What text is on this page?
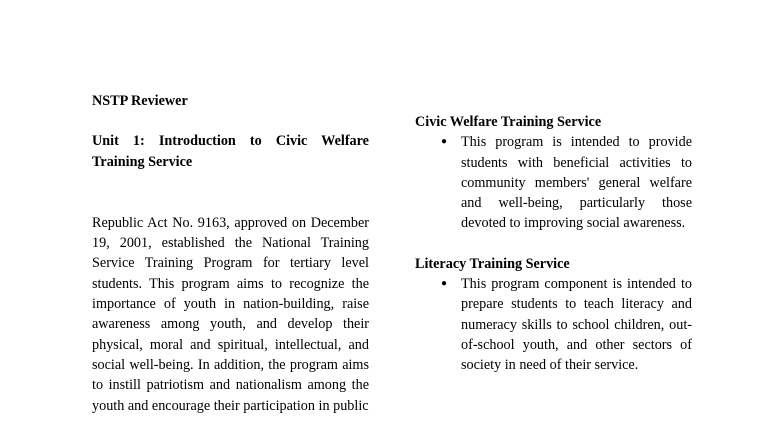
NSTP Reviewer

Unit 1: Introduction to Civic Welfare Training Service

Republic Act No. 9163, approved on December 19, 2001, established the National Training Service Training Program for tertiary level students. This program aims to recognize the importance of youth in nation-building, raise awareness among youth, and develop their physical, moral and spiritual, intellectual, and social well-being. In addition, the program aims to instill patriotism and nationalism among the youth and encourage their participation in public

Civic Welfare Training Service

● This program is intended to provide students with beneficial activities to community members' general welfare and well-being, particularly those devoted to improving social awareness.

Literacy Training Service

● This program component is intended to prepare students to teach literacy and numeracy skills to school children, out-of-school youth, and other sectors of society in need of their service.
